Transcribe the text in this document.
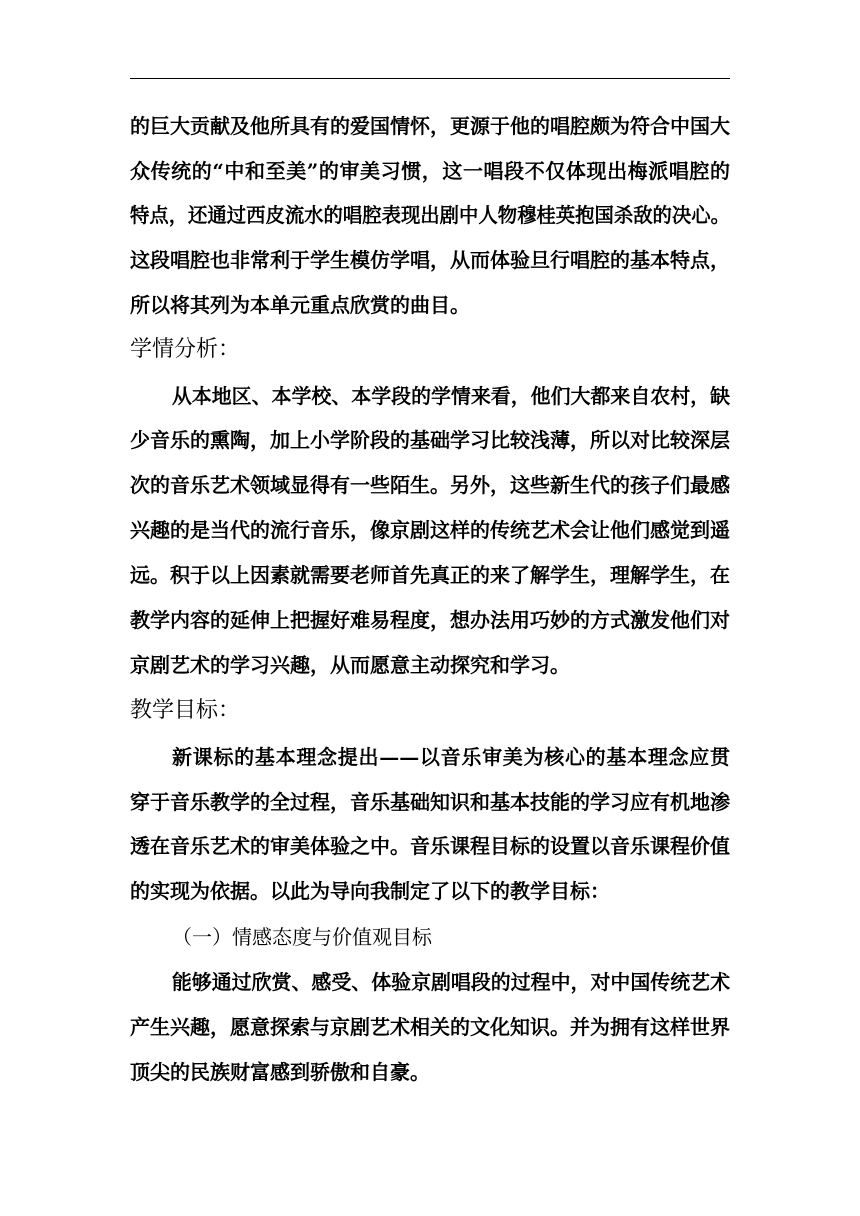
的巨大贡献及他所具有的爱国情怀，更源于他的唱腔颇为符合中国大
众传统的“中和至美”的审美习惯，这一唱段不仅体现出梅派唱腔的
特点，还通过西皮流水的唱腔表现出剧中人物穆桂英抱国杀敌的决心。
这段唱腔也非常利于学生模仿学唱，从而体验旦行唱腔的基本特点，
所以将其列为本单元重点欣赏的曲目。
学情分析：
从本地区、本学校、本学段的学情来看，他们大都来自农村，缺
少音乐的熏陶，加上小学阶段的基础学习比较浅薄，所以对比较深层
次的音乐艺术领域显得有一些陌生。另外，这些新生代的孩子们最感
兴趣的是当代的流行音乐，像京剧这样的传统艺术会让他们感觉到遥
远。积于以上因素就需要老师首先真正的来了解学生，理解学生，在
教学内容的延伸上把握好难易程度，想办法用巧妙的方式激发他们对
京剧艺术的学习兴趣，从而愿意主动探究和学习。
教学目标：
新课标的基本理念提出——以音乐审美为核心的基本理念应贯
穿于音乐教学的全过程，音乐基础知识和基本技能的学习应有机地渗
透在音乐艺术的审美体验之中。音乐课程目标的设置以音乐课程价值
的实现为依据。以此为导向我制定了以下的教学目标：
（一）情感态度与价值观目标
能够通过欣赏、感受、体验京剧唱段的过程中，对中国传统艺术
产生兴趣，愿意探索与京剧艺术相关的文化知识。并为拥有这样世界
顶尖的民族财富感到骄傲和自豪。
